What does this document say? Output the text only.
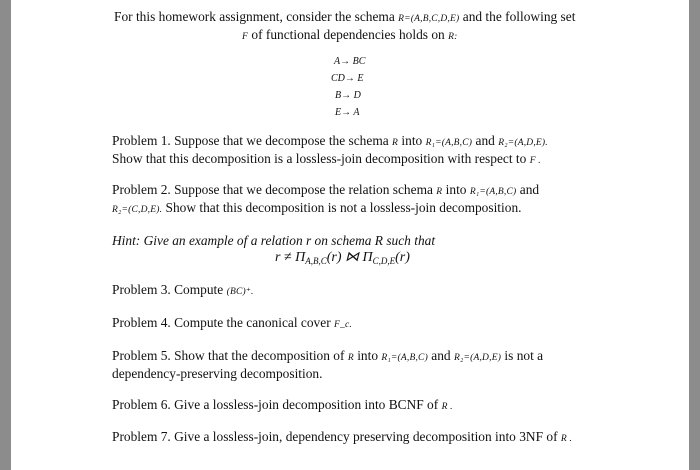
For this homework assignment, consider the schema R=(A,B,C,D,E) and the following set
F of functional dependencies holds on R:
A→ BC
CD→ E
B→ D
E→ A
Problem 1. Suppose that we decompose the schema R into R₁=(A,B,C) and R₂=(A,D,E).
Show that this decomposition is a lossless-join decomposition with respect to F .
Problem 2. Suppose that we decompose the relation schema R into R₁=(A,B,C) and
R₂=(C,D,E). Show that this decomposition is not a lossless-join decomposition.
Hint: Give an example of a relation r on schema R such that
$r \ne \Pi_{A,B,C}(r)$ ⋈ $\Pi_{C,D,E}(r)$
Problem 3. Compute (BC)⁺.
Problem 4. Compute the canonical cover F_c.
Problem 5. Show that the decomposition of R into R₁=(A,B,C) and R₂=(A,D,E) is not a
dependency-preserving decomposition.
Problem 6. Give a lossless-join decomposition into BCNF of R .
Problem 7. Give a lossless-join, dependency preserving decomposition into 3NF of R .
